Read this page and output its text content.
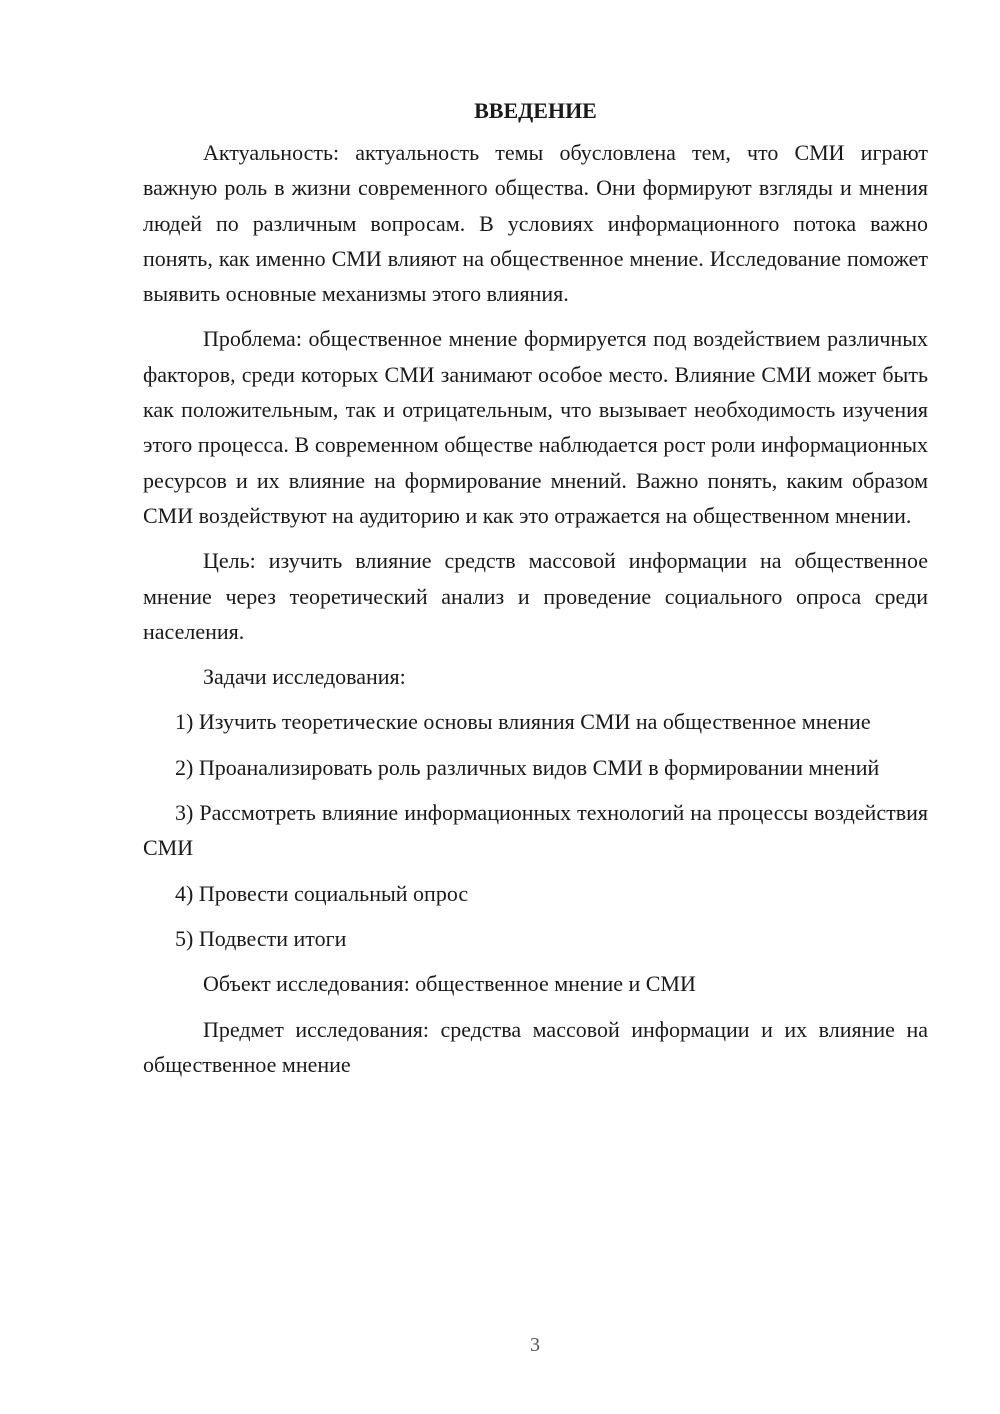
ВВЕДЕНИЕ

Актуальность: актуальность темы обусловлена тем, что СМИ играют важную роль в жизни современного общества. Они формируют взгляды и мнения людей по различным вопросам. В условиях информационного потока важно понять, как именно СМИ влияют на общественное мнение. Исследование поможет выявить основные механизмы этого влияния.

Проблема: общественное мнение формируется под воздействием различных факторов, среди которых СМИ занимают особое место. Влияние СМИ может быть как положительным, так и отрицательным, что вызывает необходимость изучения этого процесса. В современном обществе наблюдается рост роли информационных ресурсов и их влияние на формирование мнений. Важно понять, каким образом СМИ воздействуют на аудиторию и как это отражается на общественном мнении.

Цель: изучить влияние средств массовой информации на общественное мнение через теоретический анализ и проведение социального опроса среди населения.

Задачи исследования:

1) Изучить теоретические основы влияния СМИ на общественное мнение

2) Проанализировать роль различных видов СМИ в формировании мнений

3) Рассмотреть влияние информационных технологий на процессы воздействия СМИ

4) Провести социальный опрос

5) Подвести итоги

Объект исследования: общественное мнение и СМИ

Предмет исследования: средства массовой информации и их влияние на общественное мнение

3
